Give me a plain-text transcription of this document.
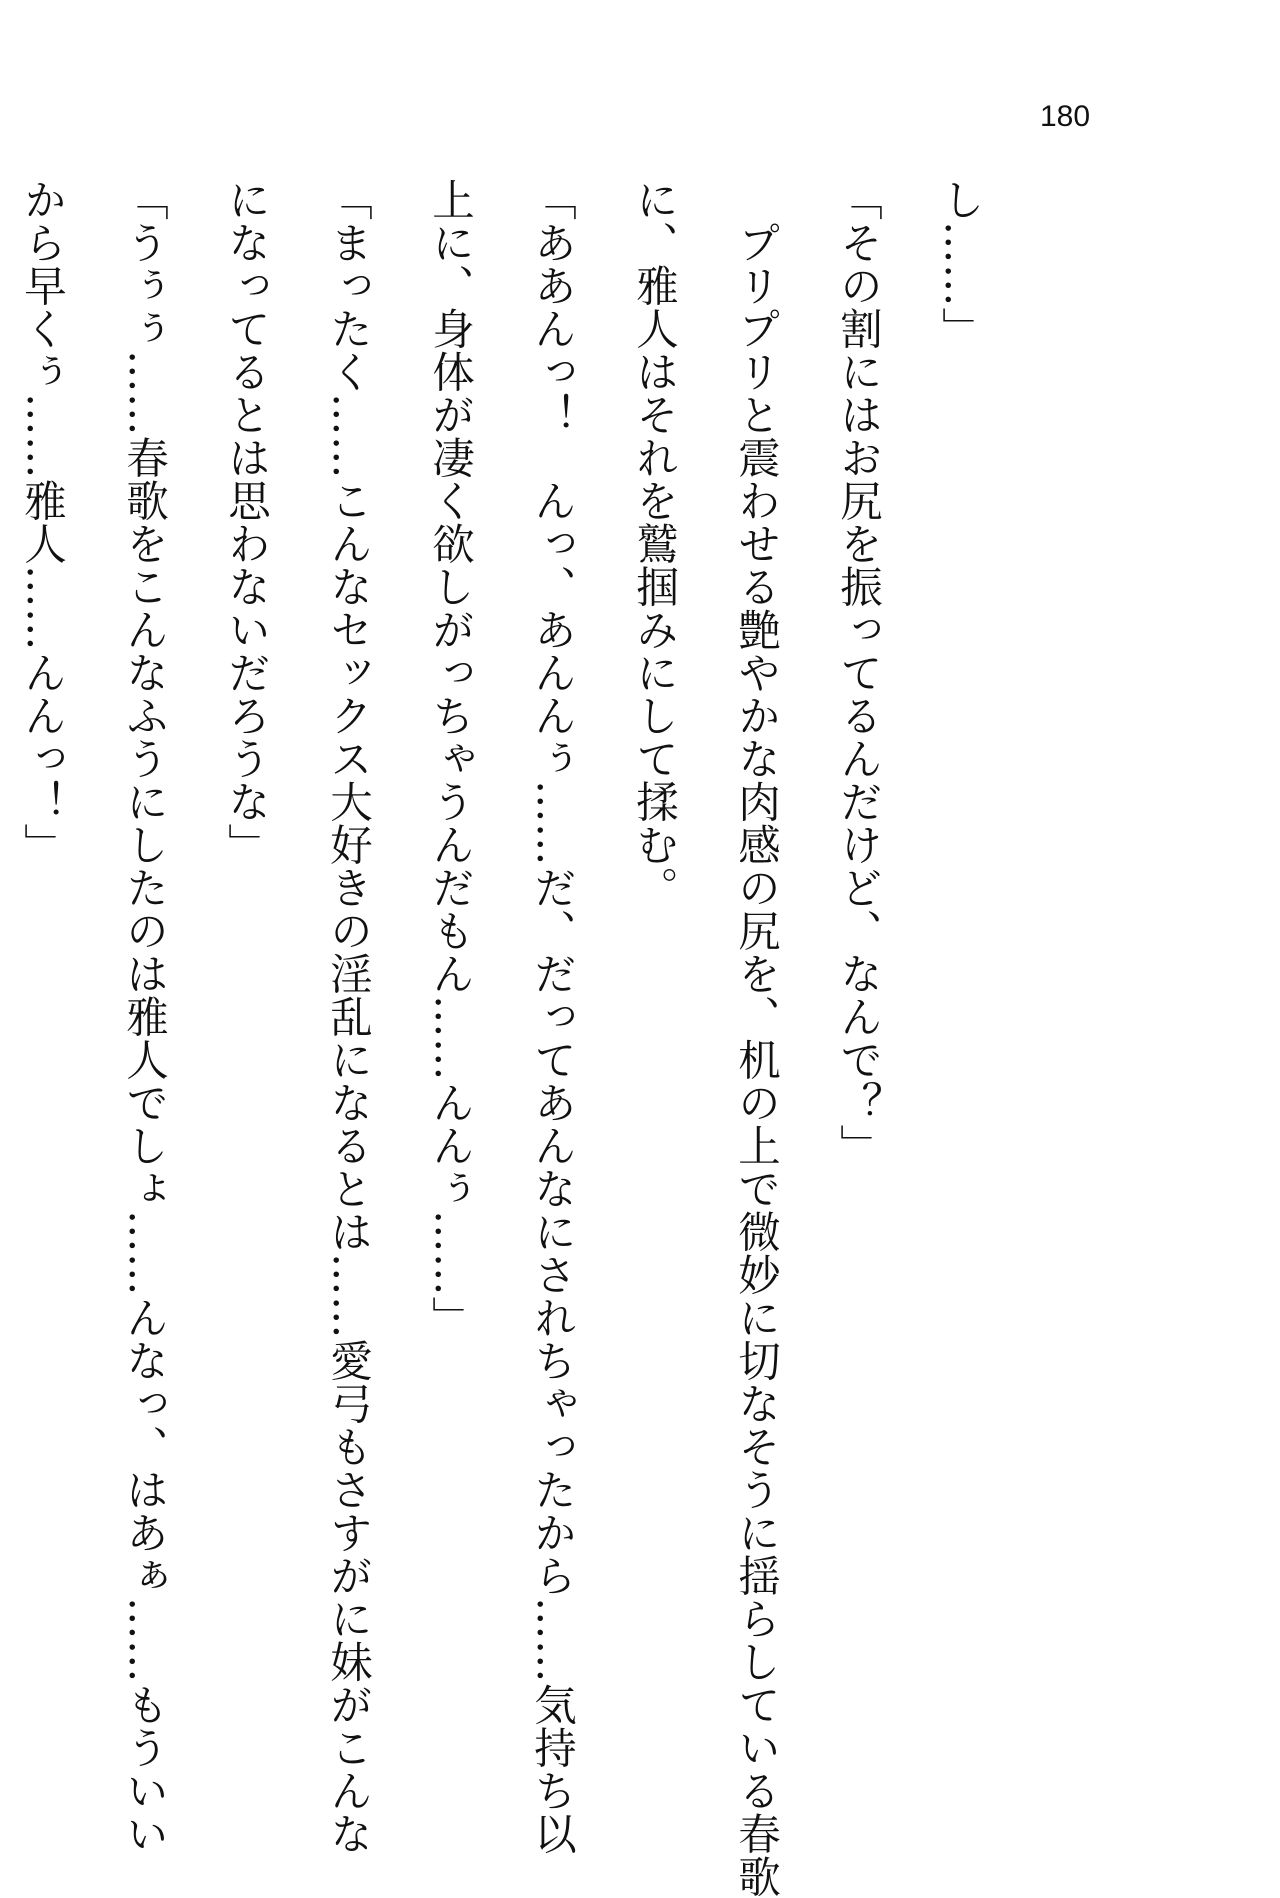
180

し……」

「その割にはお尻を振ってるんだけど、なんで？」

　プリプリと震わせる艶やかな肉感の尻を、机の上で微妙に切なそうに揺らしている春歌

に、雅人はそれを鷲掴みにして揉む。

「ああんっ！　んっ、あんんぅ……だ、だってあんなにされちゃったから……気持ち以

上に、身体が凄く欲しがっちゃうんだもん……んんぅ……」

「まったく……こんなセックス大好きの淫乱になるとは……愛弓もさすがに妹がこんな

になってるとは思わないだろうな」

「うぅぅ……春歌をこんなふうにしたのは雅人でしょ……んなっ、はあぁ……もういい

から早くぅ……雅人……んんっ！」
